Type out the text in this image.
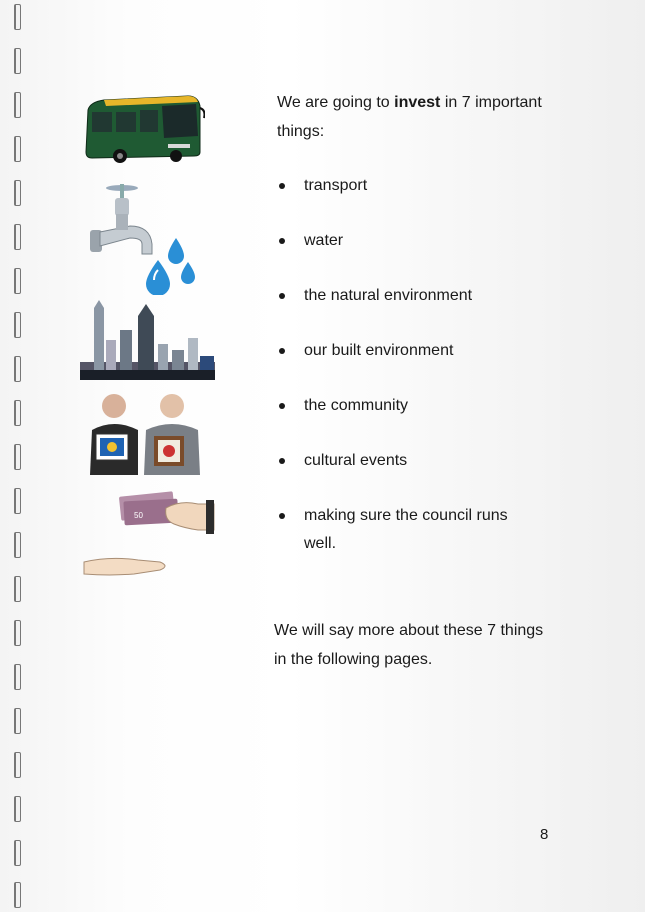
50

We are going to invest in 7 important things:

transport
water
the natural environment
our built environment
the community
cultural events
making sure the council runs well.

We will say more about these 7 things in the following pages.

8
